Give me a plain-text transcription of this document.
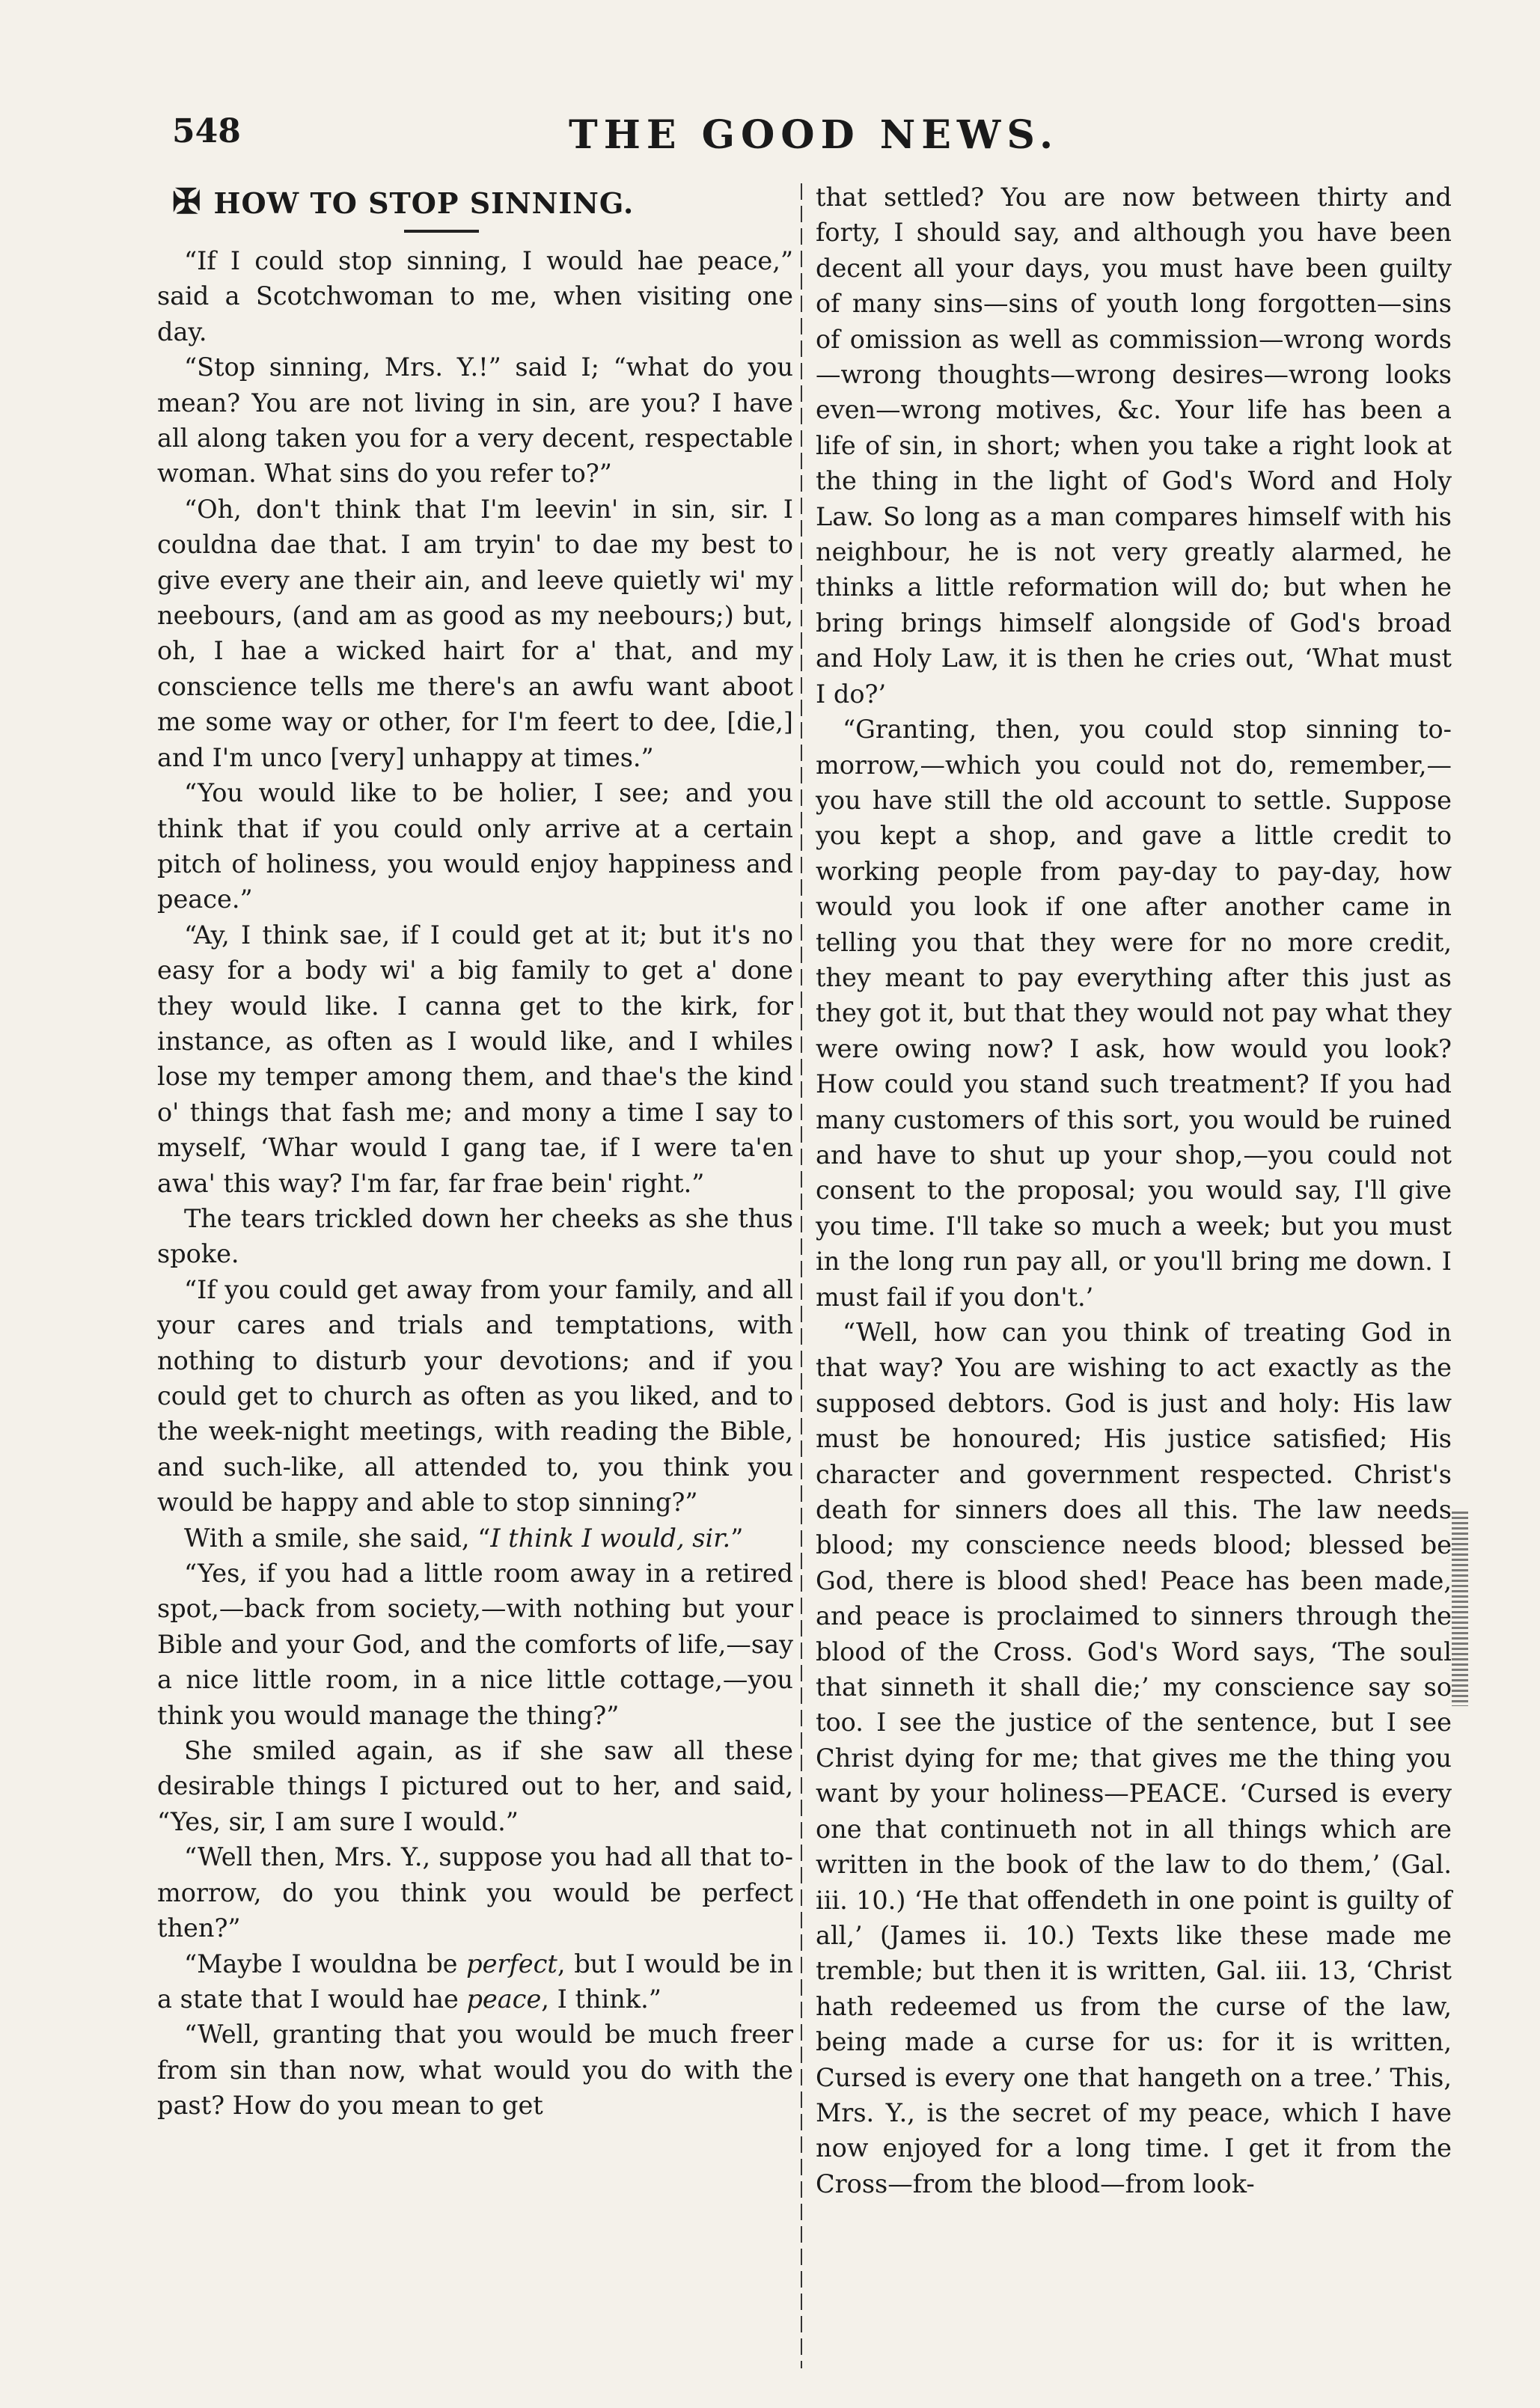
548	THE GOOD NEWS.
✠ HOW TO STOP SINNING.

“If I could stop sinning, I would hae peace,” said a Scotchwoman to me, when visiting one day.

“Stop sinning, Mrs. Y.!” said I; “what do you mean? You are not living in sin, are you? I have all along taken you for a very decent, respectable woman. What sins do you refer to?”

“Oh, don't think that I'm leevin' in sin, sir. I couldna dae that. I am tryin' to dae my best to give every ane their ain, and leeve quietly wi' my neebours, (and am as good as my neebours;) but, oh, I hae a wicked hairt for a' that, and my conscience tells me there's an awfu want aboot me some way or other, for I'm feert to dee, [die,] and I'm unco [very] unhappy at times.”

“You would like to be holier, I see; and you think that if you could only arrive at a certain pitch of holiness, you would enjoy happiness and peace.”

“Ay, I think sae, if I could get at it; but it's no easy for a body wi' a big family to get a' done they would like. I canna get to the kirk, for instance, as often as I would like, and I whiles lose my temper among them, and thae's the kind o' things that fash me; and mony a time I say to myself, ‘Whar would I gang tae, if I were ta'en awa' this way? I'm far, far frae bein' right.”

The tears trickled down her cheeks as she thus spoke.

“If you could get away from your family, and all your cares and trials and temptations, with nothing to disturb your devotions; and if you could get to church as often as you liked, and to the week-night meetings, with reading the Bible, and such-like, all attended to, you think you would be happy and able to stop sinning?”

With a smile, she said, “I think I would, sir.”

“Yes, if you had a little room away in a retired spot,—back from society,—with nothing but your Bible and your God, and the comforts of life,—say a nice little room, in a nice little cottage,—you think you would manage the thing?”

She smiled again, as if she saw all these desirable things I pictured out to her, and said, “Yes, sir, I am sure I would.”

“Well then, Mrs. Y., suppose you had all that to-morrow, do you think you would be perfect then?”

“Maybe I wouldna be perfect, but I would be in a state that I would hae peace, I think.”

“Well, granting that you would be much freer from sin than now, what would you do with the past? How do you mean to get

that settled? You are now between thirty and forty, I should say, and although you have been decent all your days, you must have been guilty of many sins—sins of youth long forgotten—sins of omission as well as commission—wrong words—wrong thoughts—wrong desires—wrong looks even—wrong motives, &c. Your life has been a life of sin, in short; when you take a right look at the thing in the light of God's Word and Holy Law. So long as a man compares himself with his neighbour, he is not very greatly alarmed, he thinks a little reformation will do; but when he bring brings himself alongside of God's broad and Holy Law, it is then he cries out, ‘What must I do?’

“Granting, then, you could stop sinning to-morrow,—which you could not do, remember,—you have still the old account to settle. Suppose you kept a shop, and gave a little credit to working people from pay-day to pay-day, how would you look if one after another came in telling you that they were for no more credit, they meant to pay everything after this just as they got it, but that they would not pay what they were owing now? I ask, how would you look? How could you stand such treatment? If you had many customers of this sort, you would be ruined and have to shut up your shop,—you could not consent to the proposal; you would say, I'll give you time. I'll take so much a week; but you must in the long run pay all, or you'll bring me down. I must fail if you don't.’

“Well, how can you think of treating God in that way? You are wishing to act exactly as the supposed debtors. God is just and holy: His law must be honoured; His justice satisfied; His character and government respected. Christ's death for sinners does all this. The law needs blood; my conscience needs blood; blessed be God, there is blood shed! Peace has been made, and peace is proclaimed to sinners through the blood of the Cross. God's Word says, ‘The soul that sinneth it shall die;’ my conscience say so too. I see the justice of the sentence, but I see Christ dying for me; that gives me the thing you want by your holiness—PEACE. ‘Cursed is every one that continueth not in all things which are written in the book of the law to do them,’ (Gal. iii. 10.) ‘He that offendeth in one point is guilty of all,’ (James ii. 10.) Texts like these made me tremble; but then it is written, Gal. iii. 13, ‘Christ hath redeemed us from the curse of the law, being made a curse for us: for it is written, Cursed is every one that hangeth on a tree.’ This, Mrs. Y., is the secret of my peace, which I have now enjoyed for a long time. I get it from the Cross—from the blood—from look-
